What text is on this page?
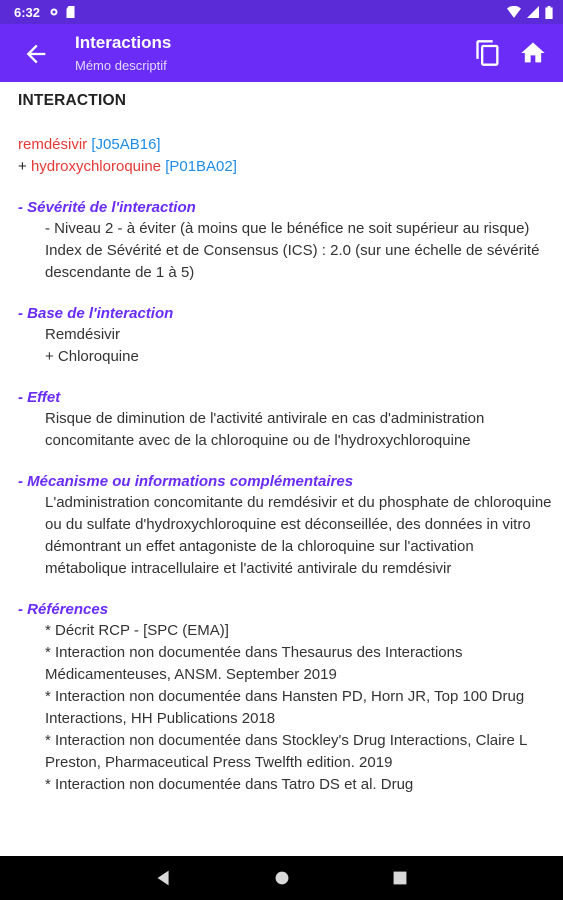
6:32
Interactions
Mémo descriptif
INTERACTION
remdésivir [J05AB16]
+ hydroxychloroquine [P01BA02]
- Sévérité de l'interaction
- Niveau 2 - à éviter (à moins que le bénéfice ne soit supérieur au risque)
Index de Sévérité et de Consensus (ICS) : 2.0 (sur une échelle de sévérité descendante de 1 à 5)
- Base de l'interaction
Remdésivir
+ Chloroquine
- Effet
Risque de diminution de l'activité antivirale en cas d'administration concomitante avec de la chloroquine ou de l'hydroxychloroquine
- Mécanisme ou informations complémentaires
L'administration concomitante du remdésivir et du phosphate de chloroquine ou du sulfate d'hydroxychloroquine est déconseillée, des données in vitro démontrant un effet antagoniste de la chloroquine sur l'activation métabolique intracellulaire et l'activité antivirale du remdésivir
- Références
* Décrit RCP - [SPC (EMA)]
* Interaction non documentée dans Thesaurus des Interactions Médicamenteuses, ANSM. September 2019
* Interaction non documentée dans Hansten PD, Horn JR, Top 100 Drug Interactions, HH Publications 2018
* Interaction non documentée dans Stockley's Drug Interactions, Claire L Preston, Pharmaceutical Press Twelfth edition. 2019
* Interaction non documentée dans Tatro DS et al. Drug
